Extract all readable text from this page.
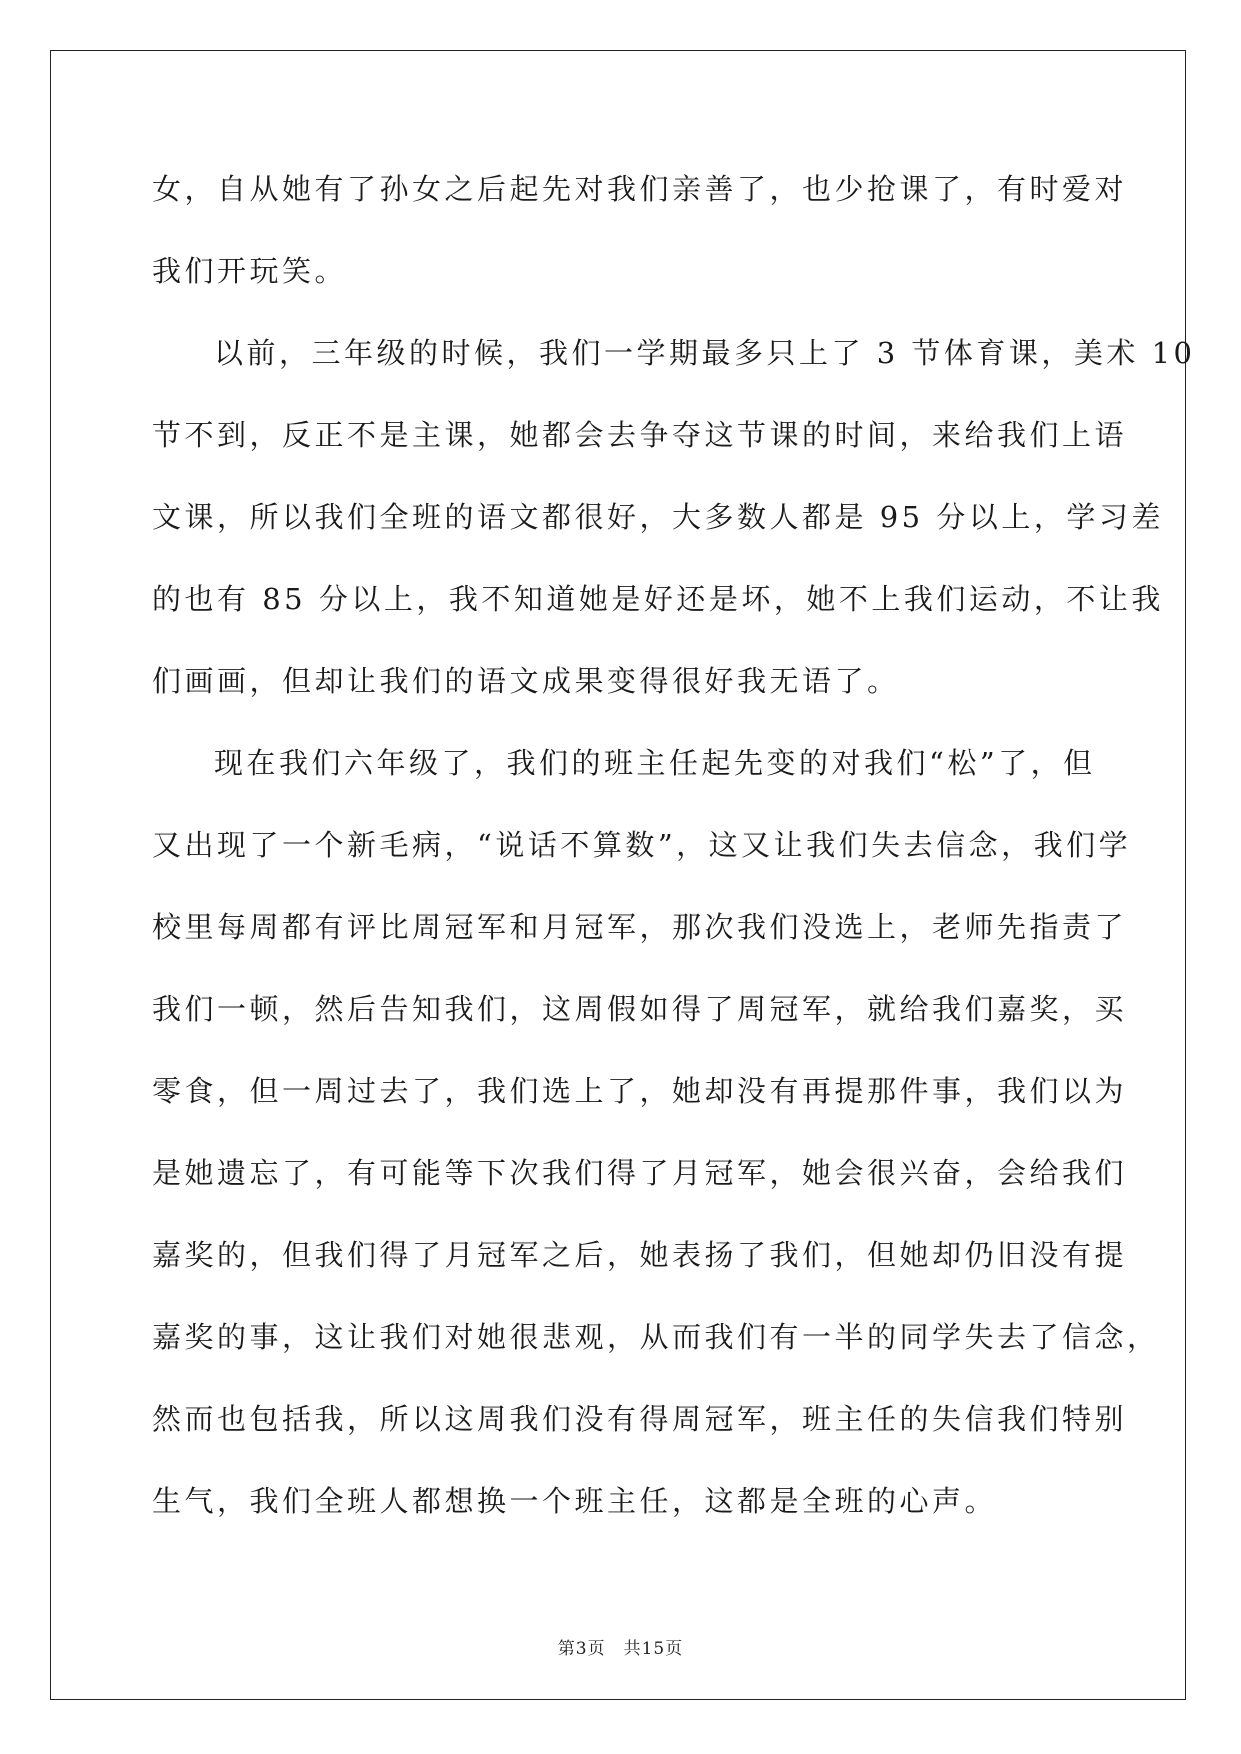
女，自从她有了孙女之后起先对我们亲善了，也少抢课了，有时爱对
我们开玩笑。
以前，三年级的时候，我们一学期最多只上了 3 节体育课，美术 10
节不到，反正不是主课，她都会去争夺这节课的时间，来给我们上语
文课，所以我们全班的语文都很好，大多数人都是 95 分以上，学习差
的也有 85 分以上，我不知道她是好还是坏，她不上我们运动，不让我
们画画，但却让我们的语文成果变得很好我无语了。
现在我们六年级了，我们的班主任起先变的对我们“松”了，但
又出现了一个新毛病，“说话不算数”，这又让我们失去信念，我们学
校里每周都有评比周冠军和月冠军，那次我们没选上，老师先指责了
我们一顿，然后告知我们，这周假如得了周冠军，就给我们嘉奖，买
零食，但一周过去了，我们选上了，她却没有再提那件事，我们以为
是她遗忘了，有可能等下次我们得了月冠军，她会很兴奋，会给我们
嘉奖的，但我们得了月冠军之后，她表扬了我们，但她却仍旧没有提
嘉奖的事，这让我们对她很悲观，从而我们有一半的同学失去了信念，
然而也包括我，所以这周我们没有得周冠军，班主任的失信我们特别
生气，我们全班人都想换一个班主任，这都是全班的心声。
第3页 共15页
